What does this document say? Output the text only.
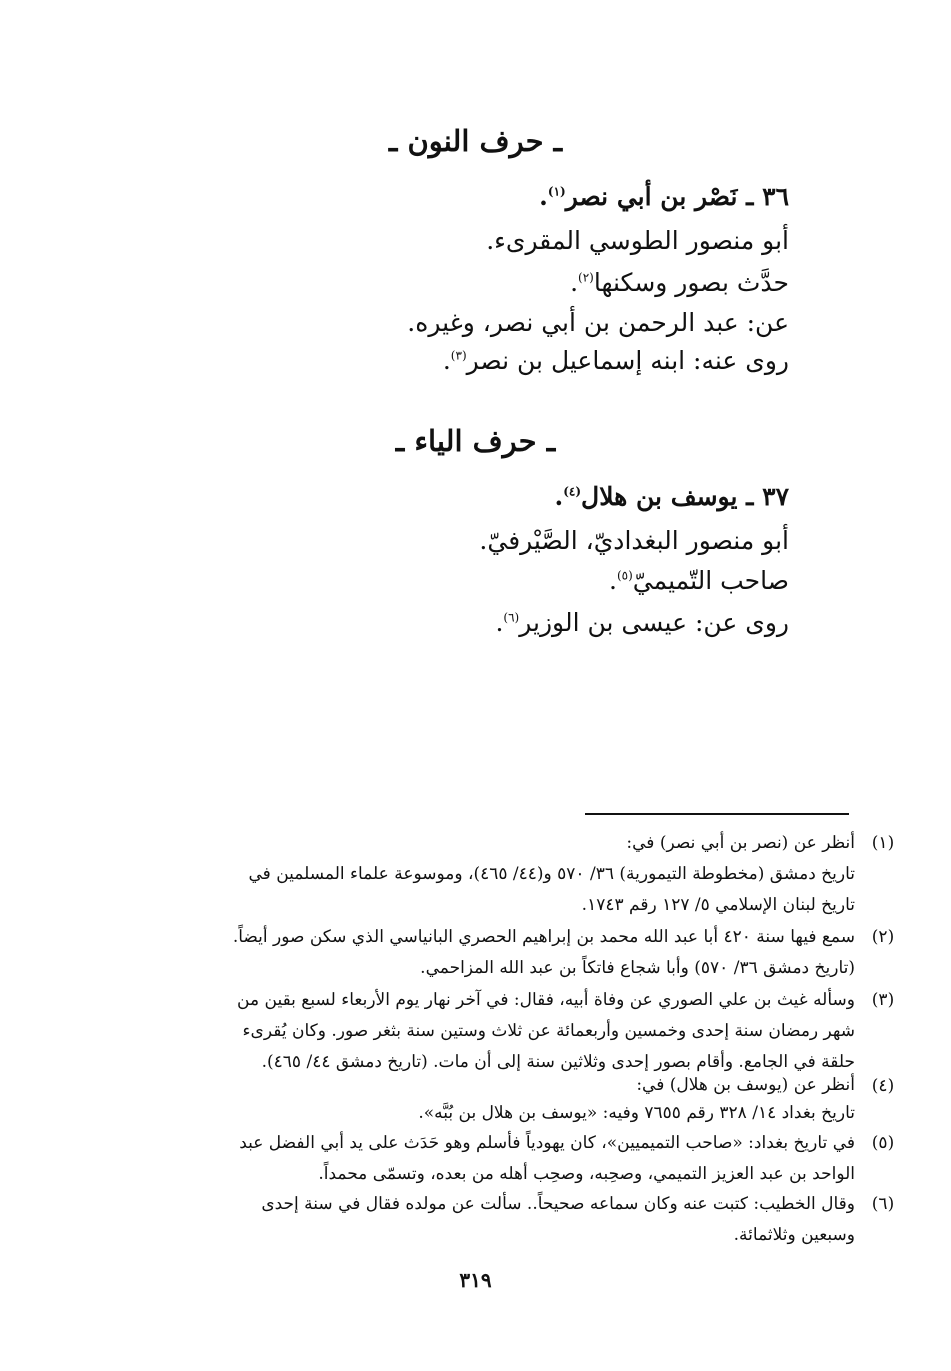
ـ حرف النون ـ
٣٦ ـ نَصْر بن أبي نصر$^{(١)}$.
أبو منصور الطوسي المقرىء.
حدَّث بصور وسكنها$^{(٢)}$.
عن: عبد الرحمن بن أبي نصر، وغيره.
روى عنه: ابنه إسماعيل بن نصر$^{(٣)}$.
ـ حرف الياء ـ
٣٧ ـ يوسف بن هلال$^{(٤)}$.
أبو منصور البغداديّ، الصَّيْرفيّ.
صاحب التّميميّ$^{(٥)}$.
روى عن: عيسى بن الوزير$^{(٦)}$.
(١)
أنظر عن (نصر بن أبي نصر) في:
تاريخ دمشق (مخطوطة التيمورية) ٣٦/ ٥٧٠ و(٤٤/ ٤٦٥)، وموسوعة علماء المسلمين في
تاريخ لبنان الإسلامي ٥/ ١٢٧ رقم ١٧٤٣.
(٢)
سمع فيها سنة ٤٢٠ أبا عبد الله محمد بن إبراهيم الحصري البانياسي الذي سكن صور أيضاً.
(تاريخ دمشق ٣٦/ ٥٧٠) وأبا شجاع فاتكاً بن عبد الله المزاحمي.
(٣)
وسأله غيث بن علي الصوري عن وفاة أبيه، فقال: في آخر نهار يوم الأربعاء لسبع بقين من
شهر رمضان سنة إحدى وخمسين وأربعمائة عن ثلاث وستين سنة بثغر صور. وكان يُقرىء
حلقة في الجامع. وأقام بصور إحدى وثلاثين سنة إلى أن مات. (تاريخ دمشق ٤٤/ ٤٦٥).
(٤)
أنظر عن (يوسف بن هلال) في:
تاريخ بغداد ١٤/ ٣٢٨ رقم ٧٦٥٥ وفيه: «يوسف بن هلال بن بُبَّه».
(٥)
في تاريخ بغداد: «صاحب التميميين»، كان يهودياً فأسلم وهو حَدَث على يد أبي الفضل عبد
الواحد بن عبد العزيز التميمي، وصحِبه، وصحِب أهله من بعده، وتسمّى محمداً.
(٦)
وقال الخطيب: كتبت عنه وكان سماعه صحيحاً.. سألت عن مولده فقال في سنة إحدى
وسبعين وثلاثمائة.
٣١٩
